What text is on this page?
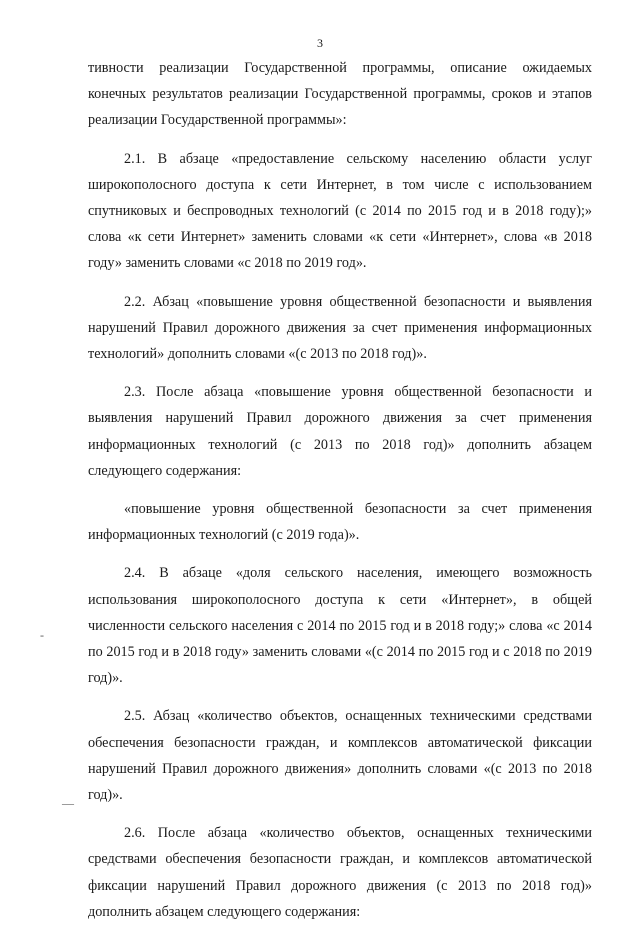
3

тивности реализации Государственной программы, описание ожидаемых конечных результатов реализации Государственной программы, сроков и этапов реализации Государственной программы»:

2.1. В абзаце «предоставление сельскому населению области услуг широкополосного доступа к сети Интернет, в том числе с использованием спутниковых и беспроводных технологий (с 2014 по 2015 год и в 2018 году);» слова «к сети Интернет» заменить словами «к сети «Интернет», слова «в 2018 году» заменить словами «с 2018 по 2019 год».

2.2. Абзац «повышение уровня общественной безопасности и выявления нарушений Правил дорожного движения за счет применения информационных технологий» дополнить словами «(с 2013 по 2018 год)».

2.3. После абзаца «повышение уровня общественной безопасности и выявления нарушений Правил дорожного движения за счет применения информационных технологий (с 2013 по 2018 год)» дополнить абзацем следующего содержания:

«повышение уровня общественной безопасности за счет применения информационных технологий (с 2019 года)».

2.4. В абзаце «доля сельского населения, имеющего возможность использования широкополосного доступа к сети «Интернет», в общей численности сельского населения с 2014 по 2015 год и в 2018 году;» слова «с 2014 по 2015 год и в 2018 году» заменить словами «(с 2014 по 2015 год и с 2018 по 2019 год)».

2.5. Абзац «количество объектов, оснащенных техническими средствами обеспечения безопасности граждан, и комплексов автоматической фиксации нарушений Правил дорожного движения» дополнить словами «(с 2013 по 2018 год)».

2.6. После абзаца «количество объектов, оснащенных техническими средствами обеспечения безопасности граждан, и комплексов автоматической фиксации нарушений Правил дорожного движения (с 2013 по 2018 год)» дополнить абзацем следующего содержания:

-
—
